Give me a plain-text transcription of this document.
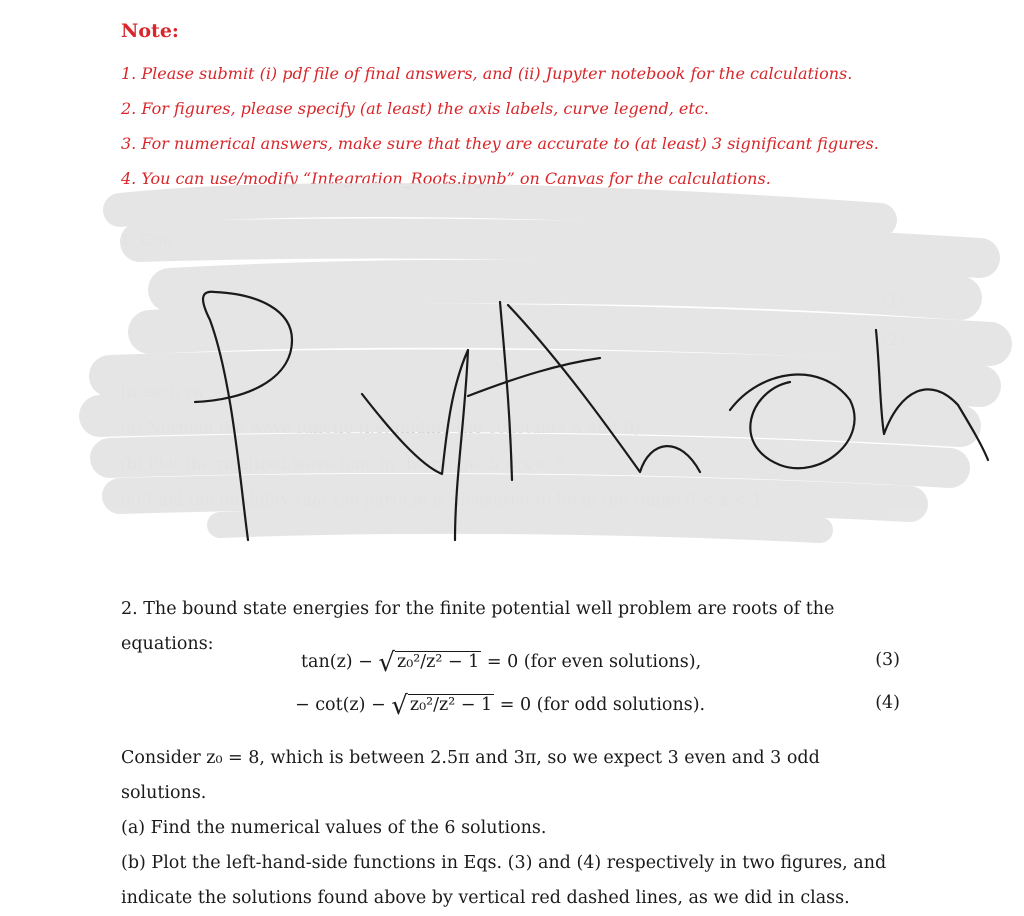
Note:
1. Please submit (i) pdf file of final answers, and (ii) Jupyter notebook for the calculations.
2. For figures, please specify (at least) the axis labels, curve legend, etc.
3. For numerical answers, make sure that they are accurate to (at least) 3 significant figures.
4. You can use/modify “Integration_Roots.ipynb” on Canvas for the calculations.
1. Con
(1)
(2)
In each ca
(a) Normali the wave functio (i.e. finding the constants A and B).
(b) Plot the rmalized wave func in the range -5 < x < 5.
(c) Find the obability that the particle is measured to be in the range 0 < x < 1.

2. The bound state energies for the finite potential well problem are roots of the equations:

tan(z) − √ z₀²/z² − 1 = 0 (for even solutions),	(3)
− cot(z) − √ z₀²/z² − 1 = 0 (for odd solutions).	(4)

Consider z₀ = 8, which is between 2.5π and 3π, so we expect 3 even and 3 odd solutions.

(a) Find the numerical values of the 6 solutions.

(b) Plot the left-hand-side functions in Eqs. (3) and (4) respectively in two figures, and

indicate the solutions found above by vertical red dashed lines, as we did in class.
